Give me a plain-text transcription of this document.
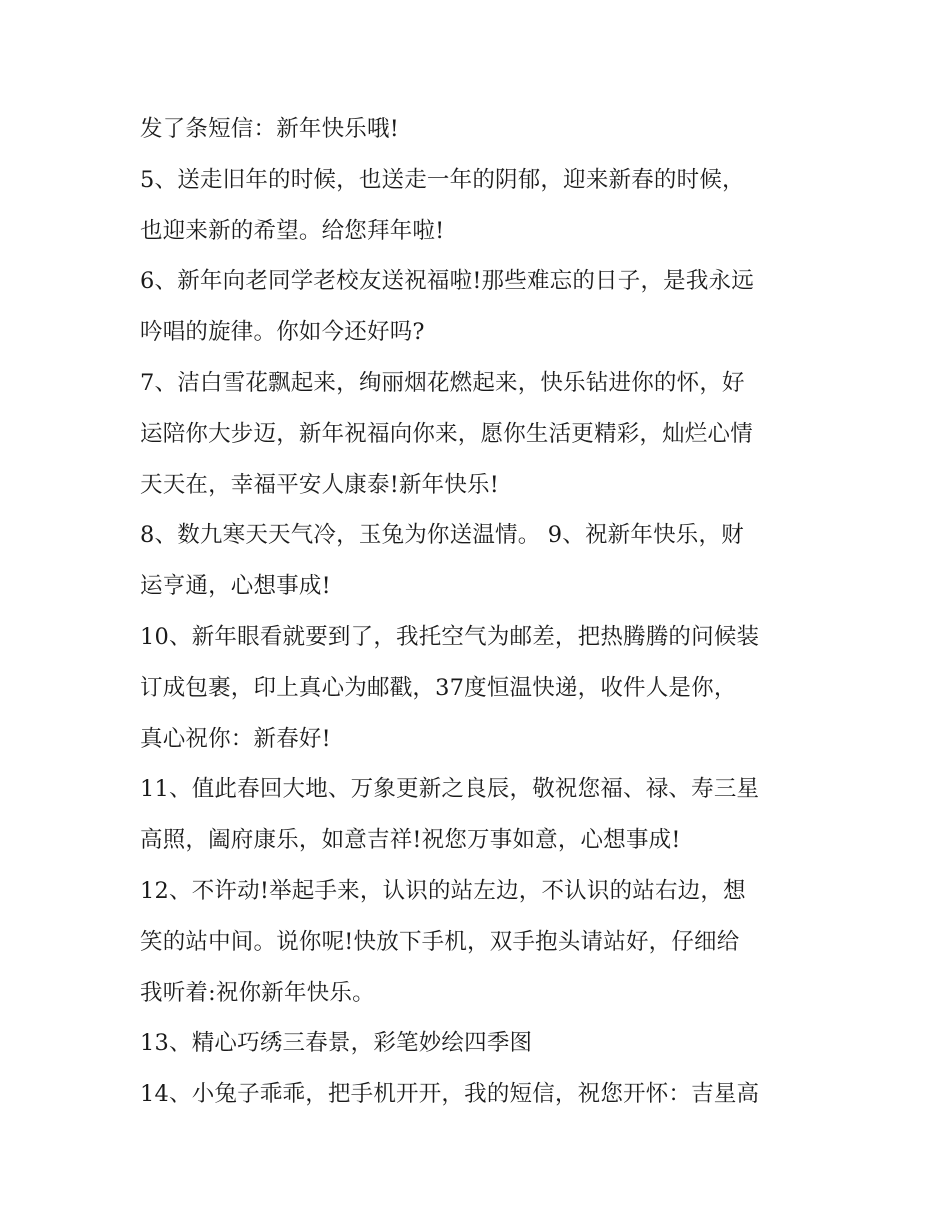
发了条短信：新年快乐哦!
5、送走旧年的时候，也送走一年的阴郁，迎来新春的时候，
也迎来新的希望。给您拜年啦!
6、新年向老同学老校友送祝福啦!那些难忘的日子，是我永远
吟唱的旋律。你如今还好吗?
7、洁白雪花飘起来，绚丽烟花燃起来，快乐钻进你的怀，好
运陪你大步迈，新年祝福向你来，愿你生活更精彩，灿烂心情
天天在，幸福平安人康泰!新年快乐!
8、数九寒天天气冷，玉兔为你送温情。 9、祝新年快乐，财
运亨通，心想事成!
10、新年眼看就要到了，我托空气为邮差，把热腾腾的问候装
订成包裹，印上真心为邮戳，37度恒温快递，收件人是你，
真心祝你：新春好!
11、值此春回大地、万象更新之良辰，敬祝您福、禄、寿三星
高照，阖府康乐，如意吉祥!祝您万事如意，心想事成!
12、不许动!举起手来，认识的站左边，不认识的站右边，想
笑的站中间。说你呢!快放下手机，双手抱头请站好，仔细给
我听着:祝你新年快乐。
13、精心巧绣三春景，彩笔妙绘四季图
14、小兔子乖乖，把手机开开，我的短信，祝您开怀：吉星高
